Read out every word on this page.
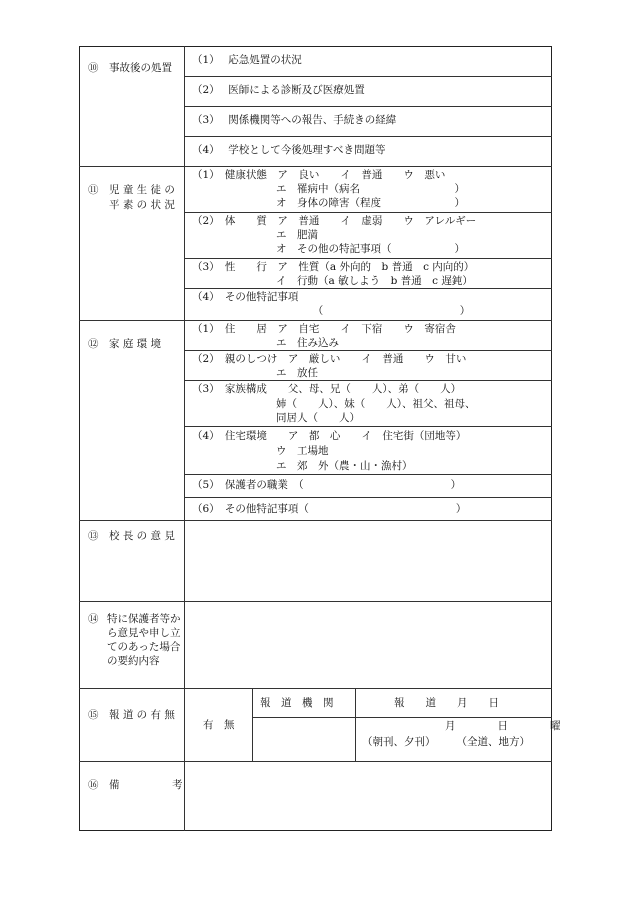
⑩　事故後の処置
（1）　 応急処置の状況
（2）　 医師による診断及び医療処置
（3）　 関係機関等への報告、手続きの経緯
（4）　 学校として今後処理すべき問題等
⑪　児 童 生 徒 の
　　平 素 の 状 況
（1）　健康状態　ア　良い　　イ　普通　　ウ　悪い
　　　　　　　　エ　罹病中（病名　　　　　　　　　）
　　　　　　　　オ　身体の障害（程度　　　　　　　）
（2）　体　　質　ア　普通　　イ　虚弱　　ウ　アレルギー
　　　　　　　　エ　肥満
　　　　　　　　オ　その他の特記事項（　　　　　　）
（3）　性　　行　ア　性質（a 外向的　b 普通　c 内向的）
　　　　　　　　イ　行動（a 敏しよう　b 普通　c 遅鈍）
（4）　その他特記事項
　　　　　　　　　　　　（　　　　　　　　　　　　　）
⑫　家 庭 環 境
（1）　住　　居　ア　自宅　　イ　下宿　　ウ　寄宿舎
　　　　　　　　エ　住み込み
（2）　親のしつけ　ア　厳しい　　イ　普通　　ウ　甘い
　　　　　　　　エ　放任
（3）　家族構成　　父、母、兄（　　人）、弟（　　人）
　　　　　　　　姉（　　人）、妹（　　人）、祖父、祖母、
　　　　　　　　同居人（　　人）
（4）　住宅環境　　ア　都　心　　イ　住宅街（団地等）
　　　　　　　　ウ　工場地
　　　　　　　　エ　郊　外（農・山・漁村）
（5）　保護者の職業　（　　　　　　　　　　　　　　）
（6）　その他特記事項（　　　　　　　　　　　　　　）
⑬　校 長 の 意 見
⑭ 特に保護者等から意見や申し立てのあった場合の要約内容
⑮　報 道 の 有 無
有　無
報　道　機　関	報　　道　　月　　日
月　　　　日　　　　曜
（朝刊、夕刊）　　　（全道、地方）
⑯　備　　　　　考
